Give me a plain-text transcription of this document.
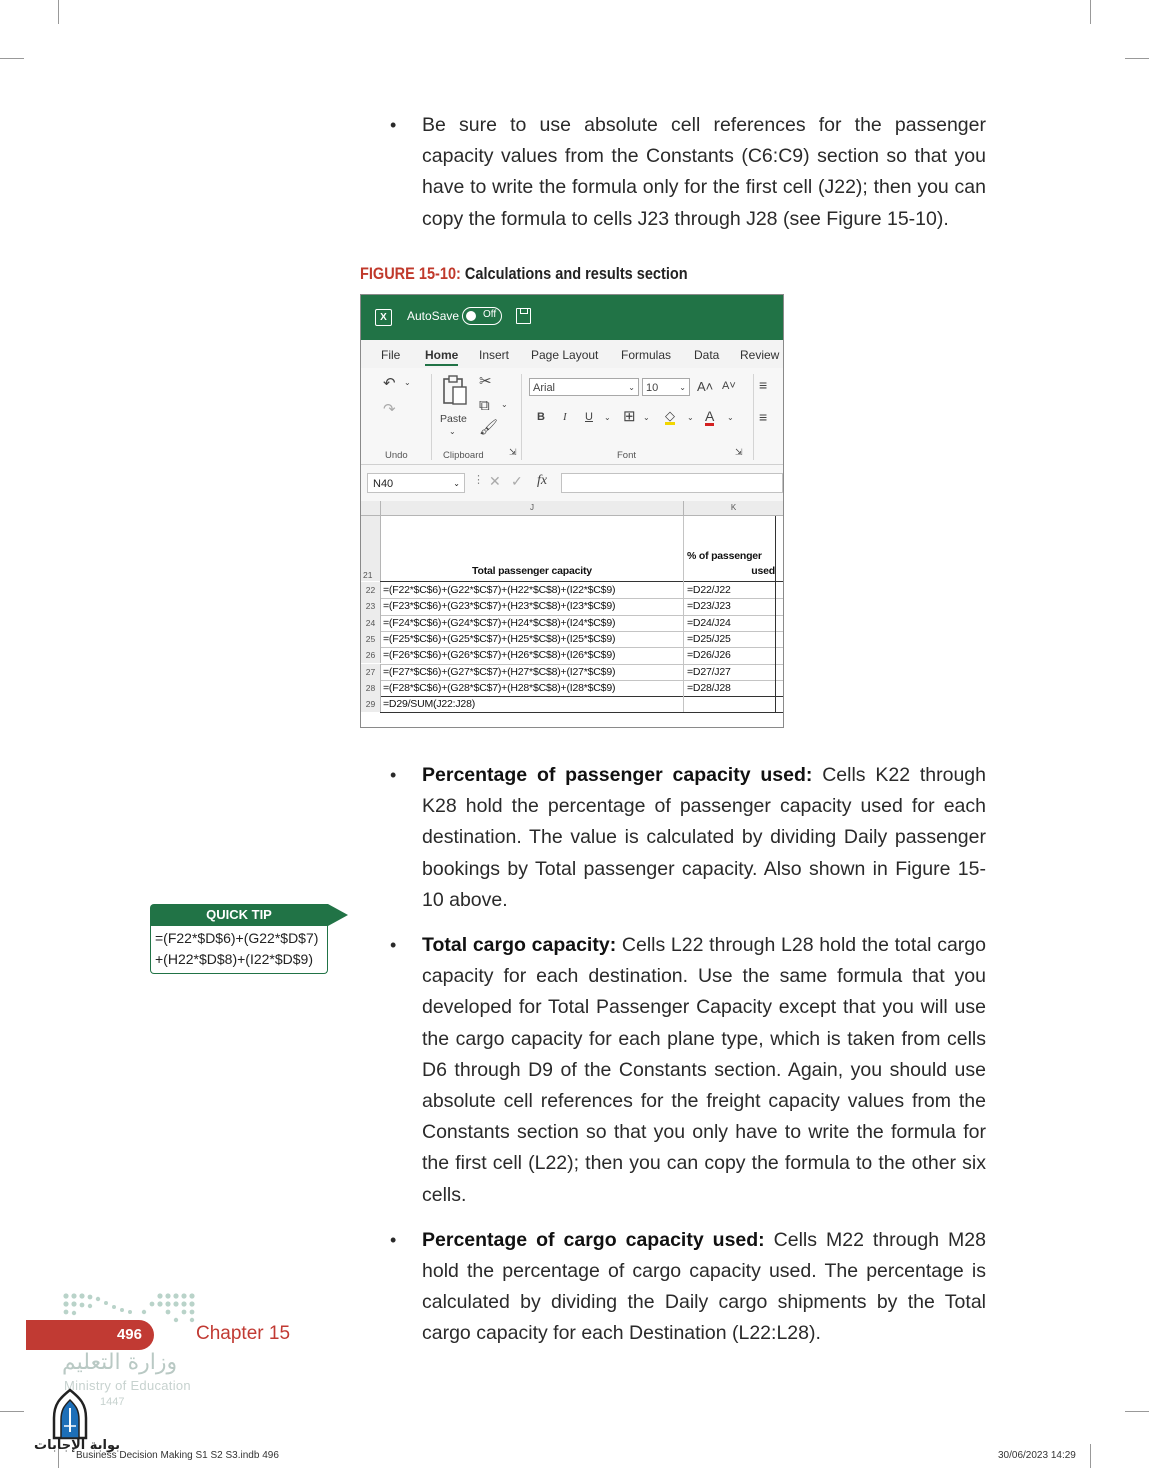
• Be sure to use absolute cell references for the passenger capacity values from the Constants (C6:C9) section so that you have to write the formula only for the first cell (J22); then you can copy the formula to cells J23 through J28 (see Figure 15-10).
FIGURE 15-10: Calculations and results section
X	AutoSave Off
File Home Insert Page Layout Formulas Data Review
↶ ⌄
↷
Undo
Paste
⌄
✂
⧉ ⌄
🖌
Clipboard	⇲
Arial	⌄	10	⌄ A˄ A˅
B I U ⌄ ⊞ ⌄ ◇ ⌄ A ⌄
Font	⇲
≡
≡
N40	⌄ ⋮ ✕ ✓ fx
J	K
21	Total passenger capacity
% of passenger
used
22 =(F22*$C$6)+(G22*$C$7)+(H22*$C$8)+(I22*$C$9)	=D22/J22
23 =(F23*$C$6)+(G23*$C$7)+(H23*$C$8)+(I23*$C$9)	=D23/J23
24 =(F24*$C$6)+(G24*$C$7)+(H24*$C$8)+(I24*$C$9)	=D24/J24
25 =(F25*$C$6)+(G25*$C$7)+(H25*$C$8)+(I25*$C$9)	=D25/J25
26 =(F26*$C$6)+(G26*$C$7)+(H26*$C$8)+(I26*$C$9)	=D26/J26
27 =(F27*$C$6)+(G27*$C$7)+(H27*$C$8)+(I27*$C$9)	=D27/J27
28 =(F28*$C$6)+(G28*$C$7)+(H28*$C$8)+(I28*$C$9)	=D28/J28
29 =D29/SUM(J22:J28)
• Percentage of passenger capacity used: Cells K22 through K28 hold the percentage of passenger capacity used for each destination. The value is calculated by dividing Daily passenger bookings by Total passenger capacity. Also shown in Figure 15-10 above.
• Total cargo capacity: Cells L22 through L28 hold the total cargo capacity for each destination. Use the same formula that you developed for Total Passenger Capacity except that you will use the cargo capacity for each plane type, which is taken from cells D6 through D9 of the Constants section. Again, you should use absolute cell references for the freight capacity values from the Constants section so that you only have to write the formula for the first cell (L22); then you can copy the formula to the other six cells.
• Percentage of cargo capacity used: Cells M22 through M28 hold the percentage of cargo capacity used. The percentage is calculated by dividing the Daily cargo shipments by the Total cargo capacity for each Destination (L22:L28).
QUICK TIP
=(F22*$D$6)+(G22*$D$7)
+(H22*$D$8)+(I22*$D$9)
496	Chapter 15
وزارة التعليم
Ministry of Education
1447
بوابة الإجابات
Business Decision Making S1 S2 S3.indb 496	30/06/2023 14:29
